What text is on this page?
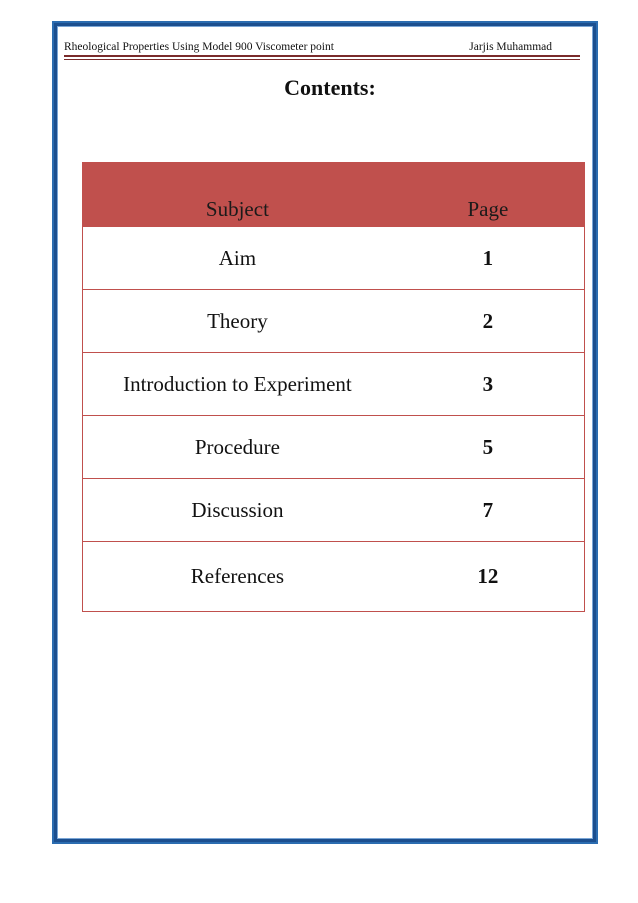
Rheological Properties Using Model 900 Viscometer point	Jarjis Muhammad
Contents:
Subject	Page
Aim	1
Theory	2
Introduction to Experiment	3
Procedure	5
Discussion	7
References	12
